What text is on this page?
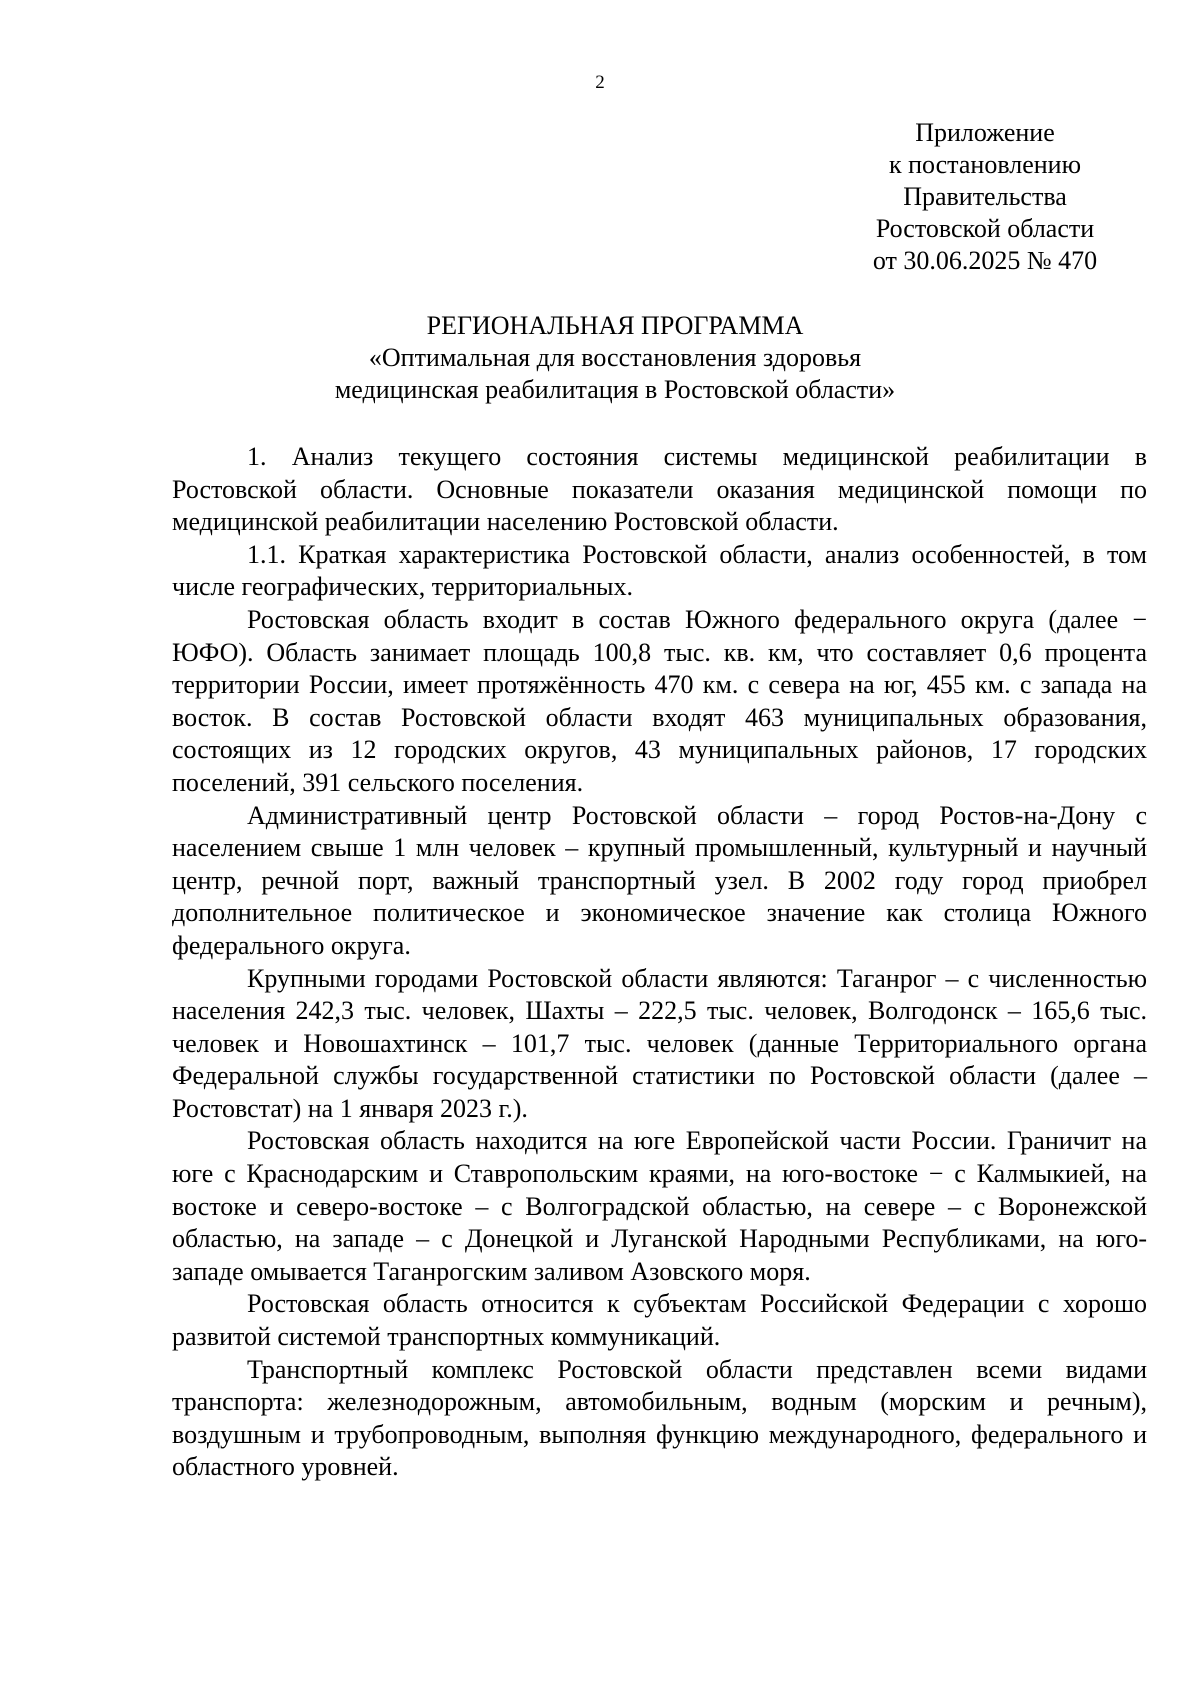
2
Приложение
к постановлению
Правительства
Ростовской области
от 30.06.2025 № 470
РЕГИОНАЛЬНАЯ ПРОГРАММА
«Оптимальная для восстановления здоровья
медицинская реабилитация в Ростовской области»

1. Анализ текущего состояния системы медицинской реабилитации в Ростовской области. Основные показатели оказания медицинской помощи по медицинской реабилитации населению Ростовской области.

1.1. Краткая характеристика Ростовской области, анализ особенностей, в том числе географических, территориальных.

Ростовская область входит в состав Южного федерального округа (далее − ЮФО). Область занимает площадь 100,8 тыс. кв. км, что составляет 0,6 процента территории России, имеет протяжённость 470 км. с севера на юг, 455 км. с запада на восток. В состав Ростовской области входят 463 муниципальных образования, состоящих из 12 городских округов, 43 муниципальных районов, 17 городских поселений, 391 сельского поселения.

Административный центр Ростовской области – город Ростов-на-Дону с населением свыше 1 млн человек – крупный промышленный, культурный и научный центр, речной порт, важный транспортный узел. В 2002 году город приобрел дополнительное политическое и экономическое значение как столица Южного федерального округа.

Крупными городами Ростовской области являются: Таганрог – с численностью населения 242,3 тыс. человек, Шахты – 222,5 тыс. человек, Волгодонск – 165,6 тыс. человек и Новошахтинск – 101,7 тыс. человек (данные Территориального органа Федеральной службы государственной статистики по Ростовской области (далее – Ростовстат) на 1 января 2023 г.).

Ростовская область находится на юге Европейской части России. Граничит на юге с Краснодарским и Ставропольским краями, на юго-востоке − с Калмыкией, на востоке и северо-востоке – с Волгоградской областью, на севере – с Воронежской областью, на западе – с Донецкой и Луганской Народными Республиками, на юго-западе омывается Таганрогским заливом Азовского моря.

Ростовская область относится к субъектам Российской Федерации с хорошо развитой системой транспортных коммуникаций.

Транспортный комплекс Ростовской области представлен всеми видами транспорта: железнодорожным, автомобильным, водным (морским и речным), воздушным и трубопроводным, выполняя функцию международного, федерального и областного уровней.
